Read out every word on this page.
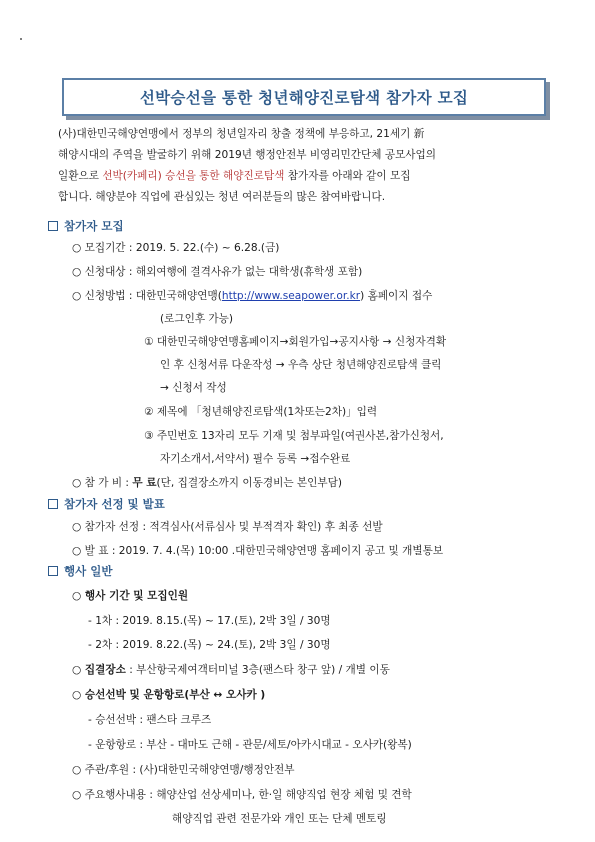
선박승선을 통한 청년해양진로탐색 참가자 모집
(사)대한민국해양연맹에서 정부의 청년일자리 창출 정책에 부응하고, 21세기 新
해양시대의 주역을 발굴하기 위해 2019년 행정안전부 비영리민간단체 공모사업의
일환으로 선박(카페리) 승선을 통한 해양진로탐색 참가자를 아래와 같이 모집
합니다. 해양분야 직업에 관심있는 청년 여러분들의 많은 참여바랍니다.
참가자 모집
○ 모집기간 : 2019. 5. 22.(수) ~ 6.28.(금)
○ 신청대상 : 해외여행에 결격사유가 없는 대학생(휴학생 포함)
○ 신청방법 : 대한민국해양연맹(http://www.seapower.or.kr) 홈페이지 접수
(로그인후 가능)
① 대한민국해양연맹홈페이지→회원가입→공지사항 → 신청자격확
인 후 신청서류 다운작성 → 우측 상단 청년해양진로탐색 클릭
→ 신청서 작성
② 제목에 「청년해양진로탐색(1차또는2차)」입력
③ 주민번호 13자리 모두 기재 및 첨부파일(여권사본,참가신청서,
자기소개서,서약서) 필수 등록 →접수완료
○ 참 가 비 : 무 료(단, 집결장소까지 이동경비는 본인부담)
참가자 선정 및 발표
○ 참가자 선정 : 적격심사(서류심사 및 부적격자 확인) 후 최종 선발
○ 발 표 : 2019. 7. 4.(목) 10:00 .대한민국해양연맹 홈페이지 공고 및 개별통보
행사 일반
○ 행사 기간 및 모집인원
- 1차 : 2019. 8.15.(목) ~ 17.(토), 2박 3일 / 30명
- 2차 : 2019. 8.22.(목) ~ 24.(토), 2박 3일 / 30명
○ 집결장소 : 부산항국제여객터미널 3층(팬스타 창구 앞) / 개별 이동
○ 승선선박 및 운항항로(부산 ↔ 오사카 )
- 승선선박 : 팬스타 크루즈
- 운항항로 : 부산 - 대마도 근해 - 관문/세토/아카시대교 - 오사카(왕복)
○ 주관/후원 : (사)대한민국해양연맹/행정안전부
○ 주요행사내용 : 해양산업 선상세미나, 한·일 해양직업 현장 체험 및 견학
해양직업 관련 전문가와 개인 또는 단체 멘토링
